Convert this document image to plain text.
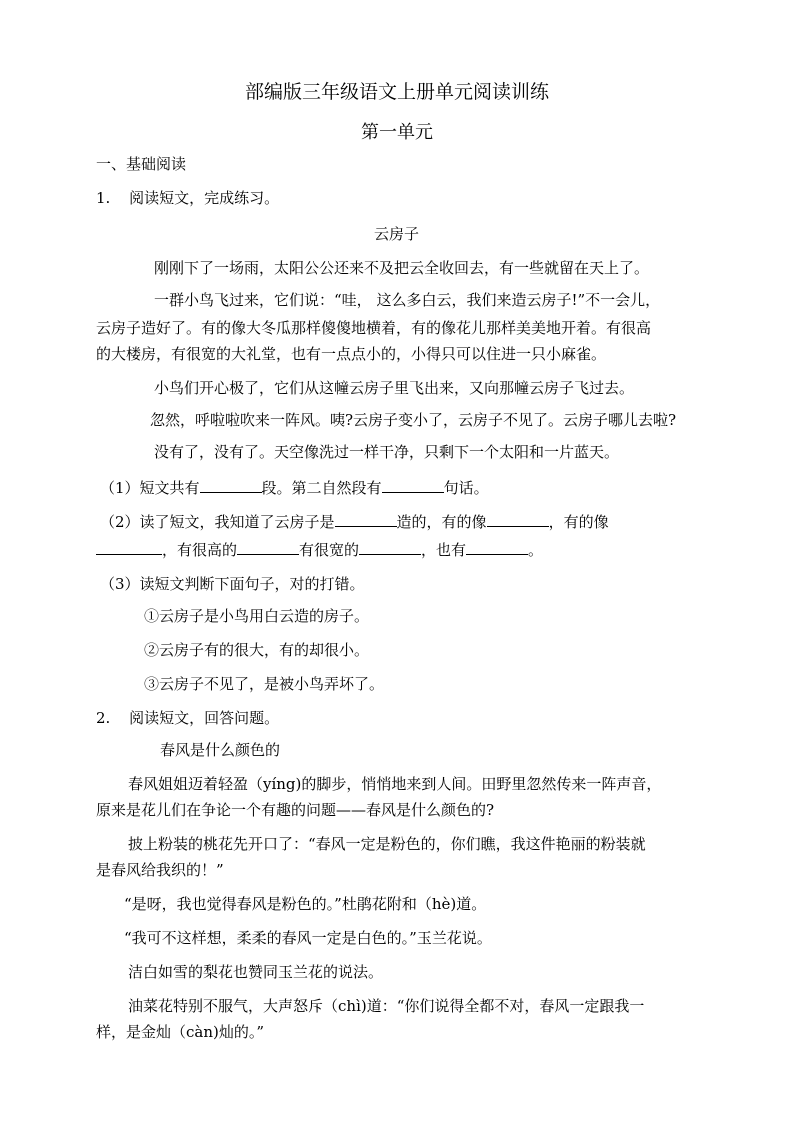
部编版三年级语文上册单元阅读训练
第一单元
一、基础阅读
1. 阅读短文，完成练习。
云房子
刚刚下了一场雨，太阳公公还来不及把云全收回去，有一些就留在天上了。
一群小鸟飞过来，它们说：“哇， 这么多白云，我们来造云房子!”不一会儿，
云房子造好了。有的像大冬瓜那样傻傻地横着，有的像花儿那样美美地开着。有很高
的大楼房，有很宽的大礼堂，也有一点点小的，小得只可以住进一只小麻雀。
小鸟们开心极了，它们从这幢云房子里飞出来，又向那幢云房子飞过去。
忽然，呼啦啦吹来一阵风。咦?云房子变小了，云房子不见了。云房子哪儿去啦?
没有了，没有了。天空像洗过一样干净，只剩下一个太阳和一片蓝天。
（1）短文共有	段。第二自然段有	句话。
（2）读了短文，我知道了云房子是	造的，有的像	，有的像
，有很高的	有很宽的	，也有	。
（3）读短文判断下面句子，对的打错。
①云房子是小鸟用白云造的房子。
②云房子有的很大，有的却很小。
③云房子不见了，是被小鸟弄坏了。
2. 阅读短文，回答问题。
春风是什么颜色的
春风姐姐迈着轻盈（yíng)的脚步，悄悄地来到人间。田野里忽然传来一阵声音，
原来是花儿们在争论一个有趣的问题——春风是什么颜色的?
披上粉装的桃花先开口了：“春风一定是粉色的，你们瞧，我这件艳丽的粉装就
是春风给我织的！”
“是呀，我也觉得春风是粉色的。”杜鹃花附和（hè)道。
“我可不这样想，柔柔的春风一定是白色的。”玉兰花说。
洁白如雪的梨花也赞同玉兰花的说法。
油菜花特别不服气，大声怒斥（chì)道：“你们说得全都不对，春风一定跟我一
样，是金灿（càn)灿的。”
